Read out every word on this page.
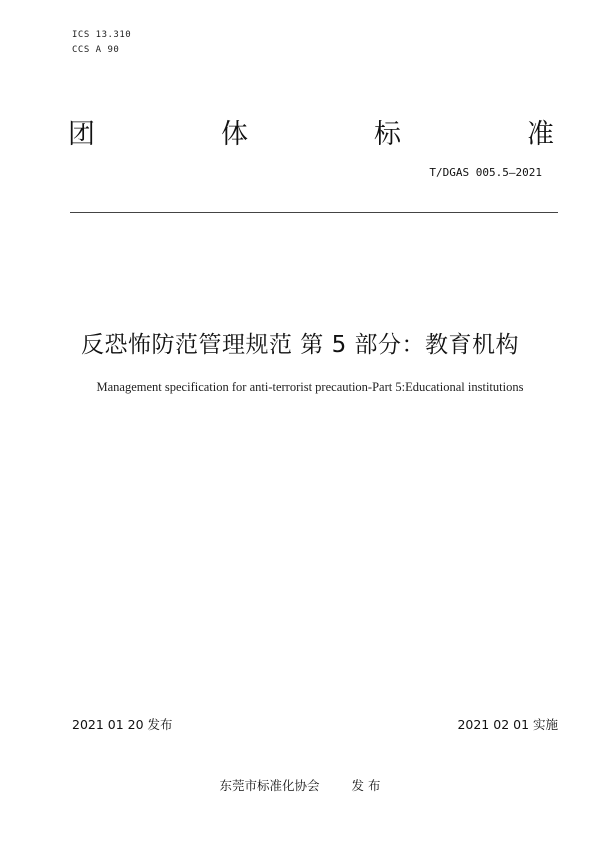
ICS 13.310
CCS A 90
团	体	标	准
T/DGAS 005.5—2021
反恐怖防范管理规范 第 5 部分：教育机构
Management specification for anti-terrorist precaution-Part 5:Educational institutions
2021 01 20 发布	2021 02 01 实施
东莞市标准化协会	发 布
